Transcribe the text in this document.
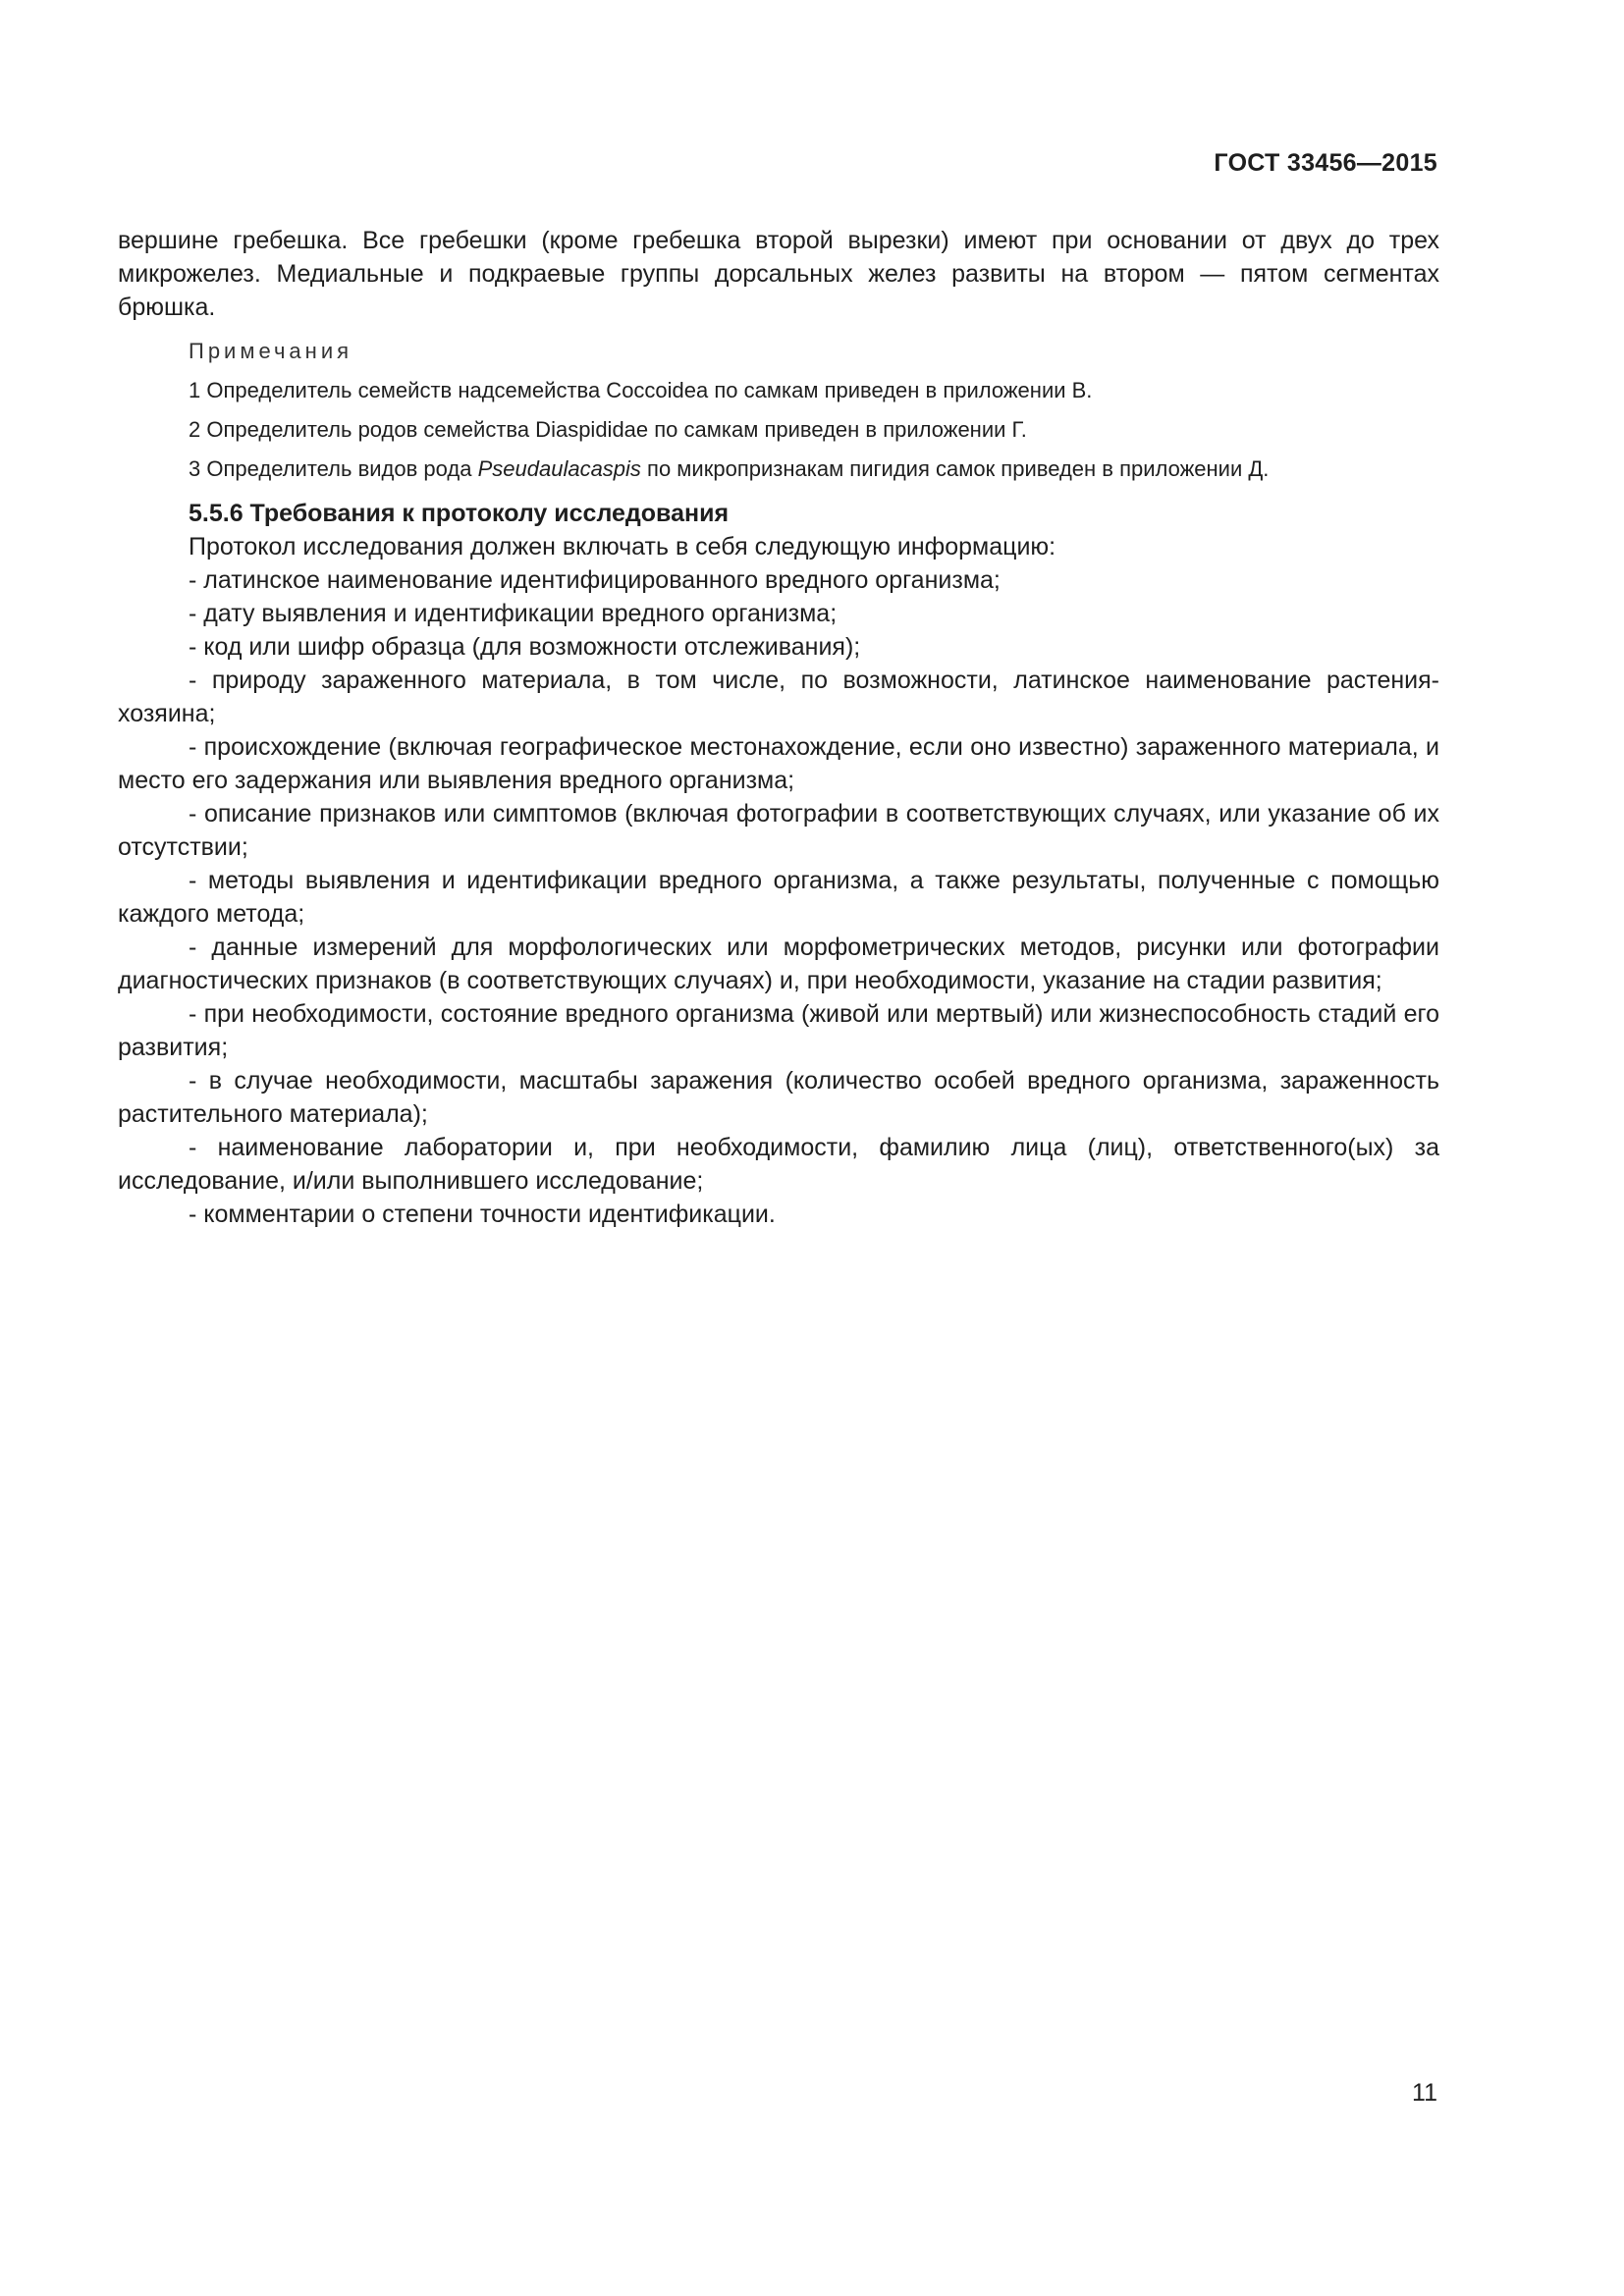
ГОСТ 33456—2015

вершине гребешка. Все гребешки (кроме гребешка второй вырезки) имеют при основании от двух до трех микрожелез. Медиальные и подкраевые группы дорсальных желез развиты на втором — пятом сегментах брюшка.

Примечания

1 Определитель семейств надсемейства Coccoidea по самкам приведен в приложении В.

2 Определитель родов семейства Diaspididae по самкам приведен в приложении Г.

3 Определитель видов рода Pseudaulacaspis по микропризнакам пигидия самок приведен в приложении Д.

5.5.6 Требования к протоколу исследования

Протокол исследования должен включать в себя следующую информацию:

- латинское наименование идентифицированного вредного организма;

- дату выявления и идентификации вредного организма;

- код или шифр образца (для возможности отслеживания);

- природу зараженного материала, в том числе, по возможности, латинское наименование растения-хозяина;

- происхождение (включая географическое местонахождение, если оно известно) зараженного материала, и место его задержания или выявления вредного организма;

- описание признаков или симптомов (включая фотографии в соответствующих случаях, или указание об их отсутствии;

- методы выявления и идентификации вредного организма, а также результаты, полученные с помощью каждого метода;

- данные измерений для морфологических или морфометрических методов, рисунки или фотографии диагностических признаков (в соответствующих случаях) и, при необходимости, указание на стадии развития;

- при необходимости, состояние вредного организма (живой или мертвый) или жизнеспособность стадий его развития;

- в случае необходимости, масштабы заражения (количество особей вредного организма, зараженность растительного материала);

- наименование лаборатории и, при необходимости, фамилию лица (лиц), ответственного(ых) за исследование, и/или выполнившего исследование;

- комментарии о степени точности идентификации.

11
